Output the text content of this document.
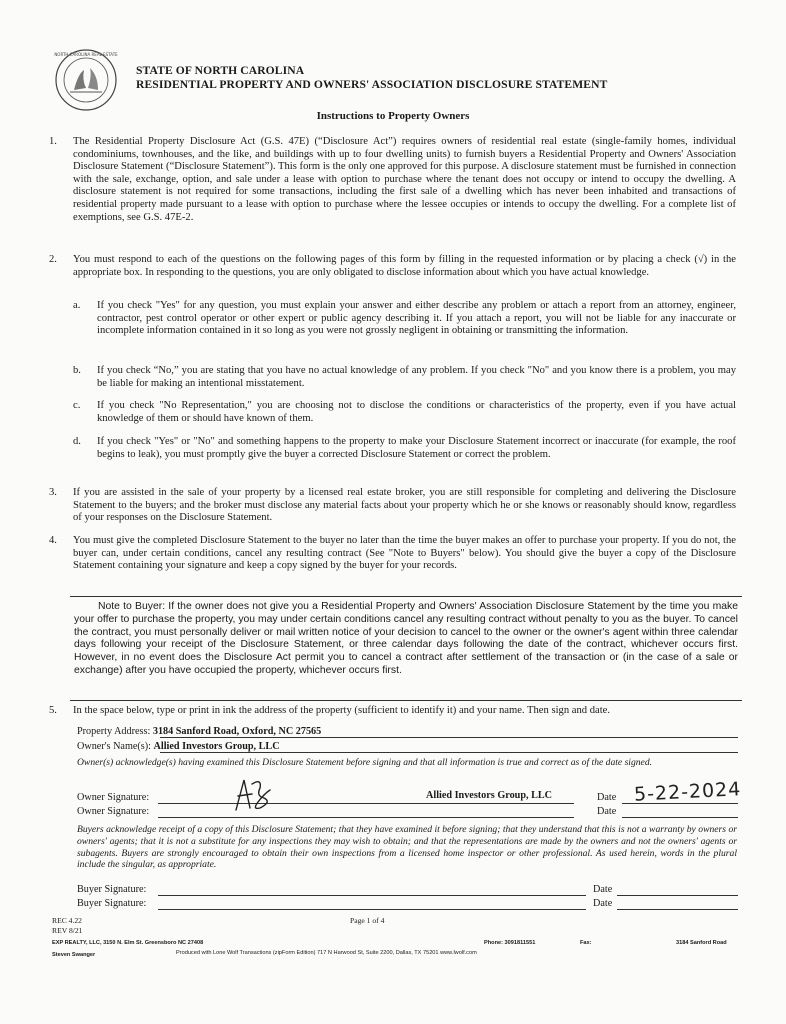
NORTH CAROLINA REAL ESTATE
STATE OF NORTH CAROLINA
RESIDENTIAL PROPERTY AND OWNERS' ASSOCIATION DISCLOSURE STATEMENT
Instructions to Property Owners
1. The Residential Property Disclosure Act (G.S. 47E) (“Disclosure Act”) requires owners of residential real estate (single-family homes, individual condominiums, townhouses, and the like, and buildings with up to four dwelling units) to furnish buyers a Residential Property and Owners' Association Disclosure Statement (“Disclosure Statement”). This form is the only one approved for this purpose. A disclosure statement must be furnished in connection with the sale, exchange, option, and sale under a lease with option to purchase where the tenant does not occupy or intend to occupy the dwelling. A disclosure statement is not required for some transactions, including the first sale of a dwelling which has never been inhabited and transactions of residential property made pursuant to a lease with option to purchase where the lessee occupies or intends to occupy the dwelling. For a complete list of exemptions, see G.S. 47E-2.
2. You must respond to each of the questions on the following pages of this form by filling in the requested information or by placing a check (√) in the appropriate box. In responding to the questions, you are only obligated to disclose information about which you have actual knowledge.
a. If you check "Yes" for any question, you must explain your answer and either describe any problem or attach a report from an attorney, engineer, contractor, pest control operator or other expert or public agency describing it. If you attach a report, you will not be liable for any inaccurate or incomplete information contained in it so long as you were not grossly negligent in obtaining or transmitting the information.
b. If you check “No,” you are stating that you have no actual knowledge of any problem. If you check "No" and you know there is a problem, you may be liable for making an intentional misstatement.
c. If you check "No Representation," you are choosing not to disclose the conditions or characteristics of the property, even if you have actual knowledge of them or should have known of them.
d. If you check "Yes" or "No" and something happens to the property to make your Disclosure Statement incorrect or inaccurate (for example, the roof begins to leak), you must promptly give the buyer a corrected Disclosure Statement or correct the problem.
3. If you are assisted in the sale of your property by a licensed real estate broker, you are still responsible for completing and delivering the Disclosure Statement to the buyers; and the broker must disclose any material facts about your property which he or she knows or reasonably should know, regardless of your responses on the Disclosure Statement.
4. You must give the completed Disclosure Statement to the buyer no later than the time the buyer makes an offer to purchase your property. If you do not, the buyer can, under certain conditions, cancel any resulting contract (See "Note to Buyers" below). You should give the buyer a copy of the Disclosure Statement containing your signature and keep a copy signed by the buyer for your records.
Note to Buyer: If the owner does not give you a Residential Property and Owners' Association Disclosure Statement by the time you make your offer to purchase the property, you may under certain conditions cancel any resulting contract without penalty to you as the buyer. To cancel the contract, you must personally deliver or mail written notice of your decision to cancel to the owner or the owner's agent within three calendar days following your receipt of the Disclosure Statement, or three calendar days following the date of the contract, whichever occurs first. However, in no event does the Disclosure Act permit you to cancel a contract after settlement of the transaction or (in the case of a sale or exchange) after you have occupied the property, whichever occurs first.
5. In the space below, type or print in ink the address of the property (sufficient to identify it) and your name. Then sign and date.
Property Address: 3184 Sanford Road, Oxford, NC 27565
Owner's Name(s): Allied Investors Group, LLC
Owner(s) acknowledge(s) having examined this Disclosure Statement before signing and that all information is true and correct as of the date signed.
Owner Signature:	Allied Investors Group, LLC	Date 5-22-2024
Owner Signature:	Date
Buyers acknowledge receipt of a copy of this Disclosure Statement; that they have examined it before signing; that they understand that this is not a warranty by owners or owners' agents; that it is not a substitute for any inspections they may wish to obtain; and that the representations are made by the owners and not the owners' agents or subagents. Buyers are strongly encouraged to obtain their own inspections from a licensed home inspector or other professional. As used herein, words in the plural include the singular, as appropriate.
Buyer Signature:	Date
Buyer Signature:	Date
REC 4.22
REV 8/21
Page 1 of 4
EXP REALTY, LLC, 3150 N. Elm St. Greensboro NC 27408	Phone: 3091811551	Fax:	3184 Sanford Road
Steven Swanger	Produced with Lone Wolf Transactions (zipForm Edition) 717 N Harwood St, Suite 2200, Dallas, TX 75201 www.lwolf.com
